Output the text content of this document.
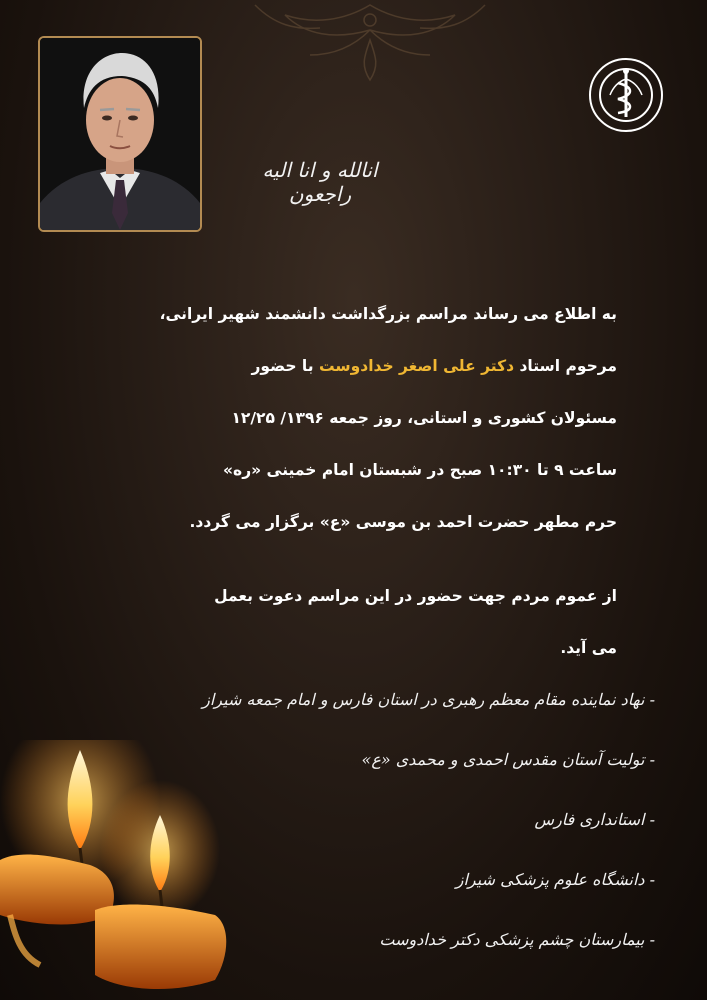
انالله و انا الیه راجعون
به اطلاع می رساند مراسم بزرگداشت دانشمند شهیر ایرانی،
مرحوم استاد دکتر علی اصغر خدادوست با حضور
مسئولان کشوری و استانی، روز جمعه ۱۳۹۶/ ۱۲/۲۵
ساعت ۹ تا ۱۰:۳۰ صبح در شبستان امام خمینی «ره»
حرم مطهر حضرت احمد بن موسی «ع» برگزار می گردد.
از عموم مردم جهت حضور در این مراسم دعوت بعمل
می آید.
- نهاد نماینده مقام معظم رهبری در استان فارس و امام جمعه شیراز
- تولیت آستان مقدس احمدی و محمدی «ع»
- استانداری فارس
- دانشگاه علوم پزشکی شیراز
- بیمارستان چشم پزشکی دکتر خدادوست
